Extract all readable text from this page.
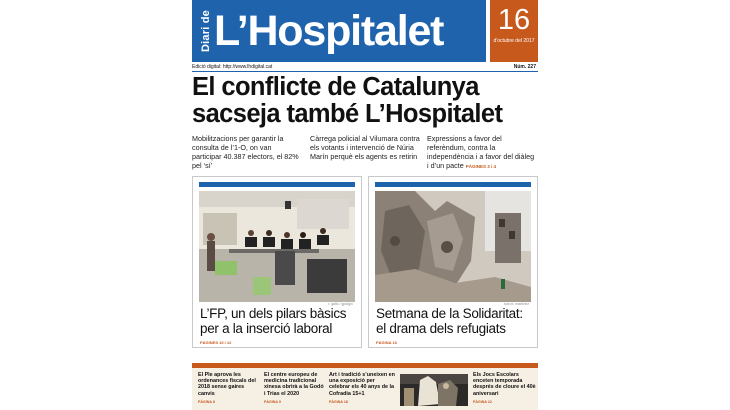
Diari de L’Hospitalet 16
d'octubre del 2017
Edició digital: http://www.lhdigital.cat	Núm. 227
El conflicte de Catalunya
sacseja també L’Hospitalet
Mobilitzacions per garantir la consulta de l’1-O, on van participar 40.387 electors, el 82% pel ‘sí’
Càrrega policial al Vilumara contra els votants i intervenció de Núria Marín perquè els agents es retirin
Expressions a favor del referèndum, contra la independència i a favor del diàleg i d’un pacte PÀGINES 3 i 4
r. gallo / gpuigrc
L’FP, un dels pilars bàsics
per a la inserció laboral
PÀGINES 10 i 12
luis m. martínez
Setmana de la Solidaritat:
el drama dels refugiats
PÀGINA 16
El Ple aprova les ordenances fiscals del 2018 sense gaires canvis
PÀGINA 8
El centre europeu de medicina tradicional xinesa obrirà a la Godó i Trias el 2020
PÀGINA 9
Art i tradició s’uneixen en una exposició per celebrar els 40 anys de la Cofradia 15+1
PÀGINA 18
Els Jocs Escolars enceten temporada després de cloure el 40è aniversari
PÀGINA 22
